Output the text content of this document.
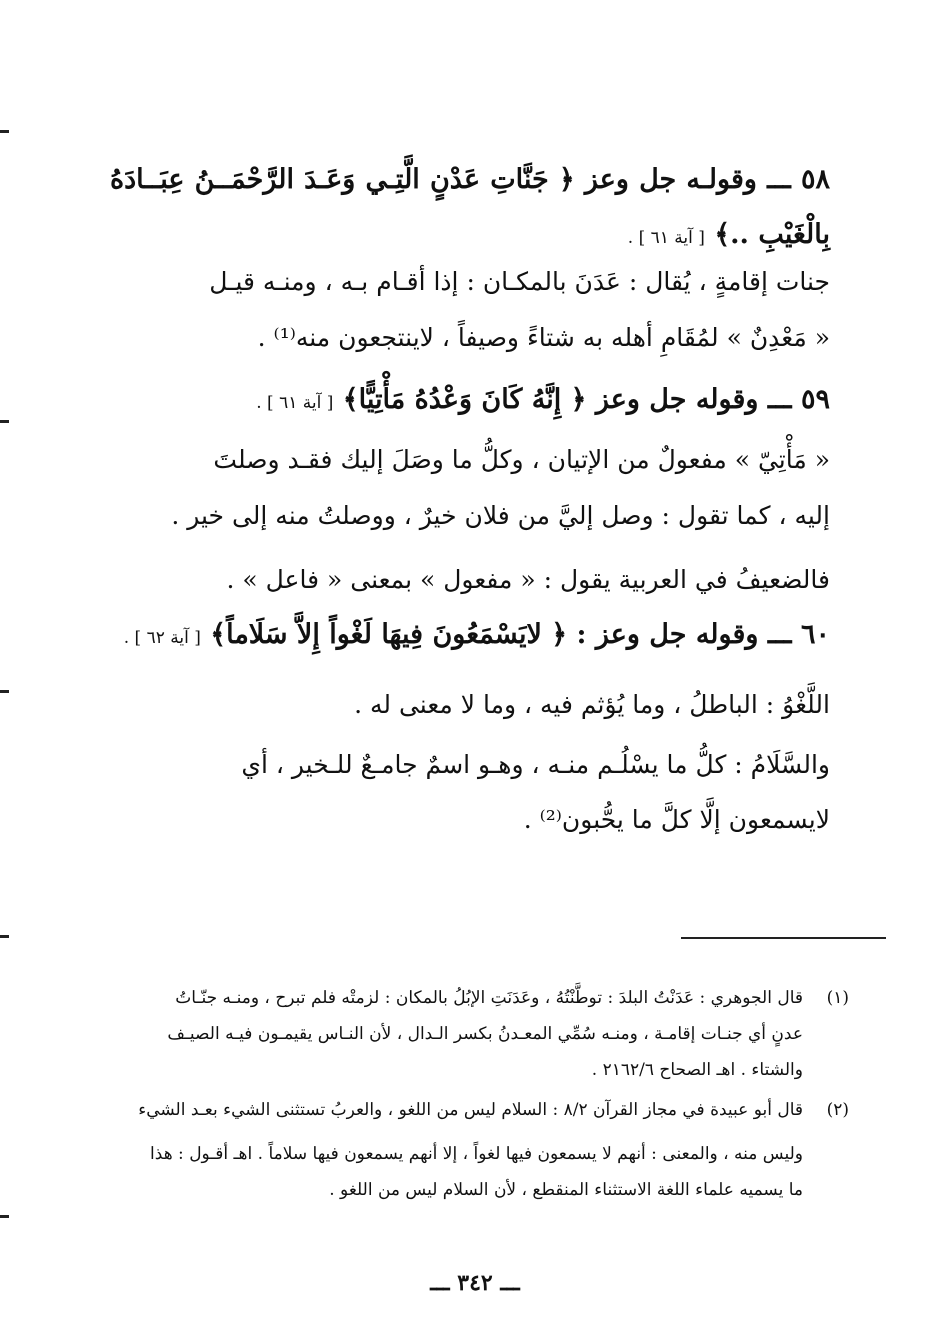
٥٨ ـــ وقولـه جل وعز ﴿ جَنَّاتِ عَدْنٍ الَّتِـي وَعَـدَ الرَّحْمَــنُ عِبَــادَهُ
بِالْغَيْبِ ..﴾ [ آية ٦١ ] .
جنات إقامةٍ ، يُقال : عَدَنَ بالمكـان : إذا أقـام بـه ، ومنـه قيـل
« مَعْدِنٌ » لمُقَامِ أهله به شتاءً وصيفاً ، لاينتجعون منه⁽¹⁾ .
٥٩ ـــ وقوله جل وعز ﴿ إِنَّهُ كَانَ وَعْدُهُ مَأْتِيًّا﴾ [ آية ٦١ ] .
« مَأْتِيّ » مفعولٌ من الإتيان ، وكلُّ ما وصَلَ إليك فقـد وصلتَ
إليه ، كما تقول : وصل إليَّ من فلان خيرٌ ، ووصلتُ منه إلى خير .
فالضعيفُ في العربية يقول : « مفعول » بمعنى « فاعل » .
٦٠ ـــ وقوله جل وعز : ﴿ لايَسْمَعُونَ فِيهَا لَغْواً إِلاَّ سَلَاماً﴾ [ آية ٦٢ ] .
اللَّغْوُ : الباطلُ ، وما يُؤثم فيه ، وما لا معنى له .
والسَّلَامُ : كلُّ ما يسْلُـم منـه ، وهـو اسمٌ جامـعٌ للـخير ، أي
لايسمعون إلَّا كلَّ ما يحُّبون⁽²⁾ .
(١)
قال الجوهري : عَدَنْتُ البلدَ : توطَّنْتُهُ ، وعَدَنَتِ الإبُلُ بالمكان : لزمتْه فلم تبرح ، ومنـه جنّـاتُ
عدنٍ أي جنـات إقامـة ، ومنـه سُمِّي المعـدنُ بكسر الـدال ، لأن النـاس يقيمـون فيـه الصيـف
والشتاء . اهـ الصحاح ٢١٦٢/٦ .
(٢)
قال أبو عبيدة في مجاز القرآن ٨/٢ : السلام ليس من اللغو ، والعربُ تستثنى الشيء بعـد الشيء
وليس منه ، والمعنى : أنهم لا يسمعون فيها لغواً ، إلا أنهم يسمعون فيها سلاماً . اهـ أقـول : هذا
ما يسميه علماء اللغة الاستثناء المنقطع ، لأن السلام ليس من اللغو .
ـــ ٣٤٢ ـــ
